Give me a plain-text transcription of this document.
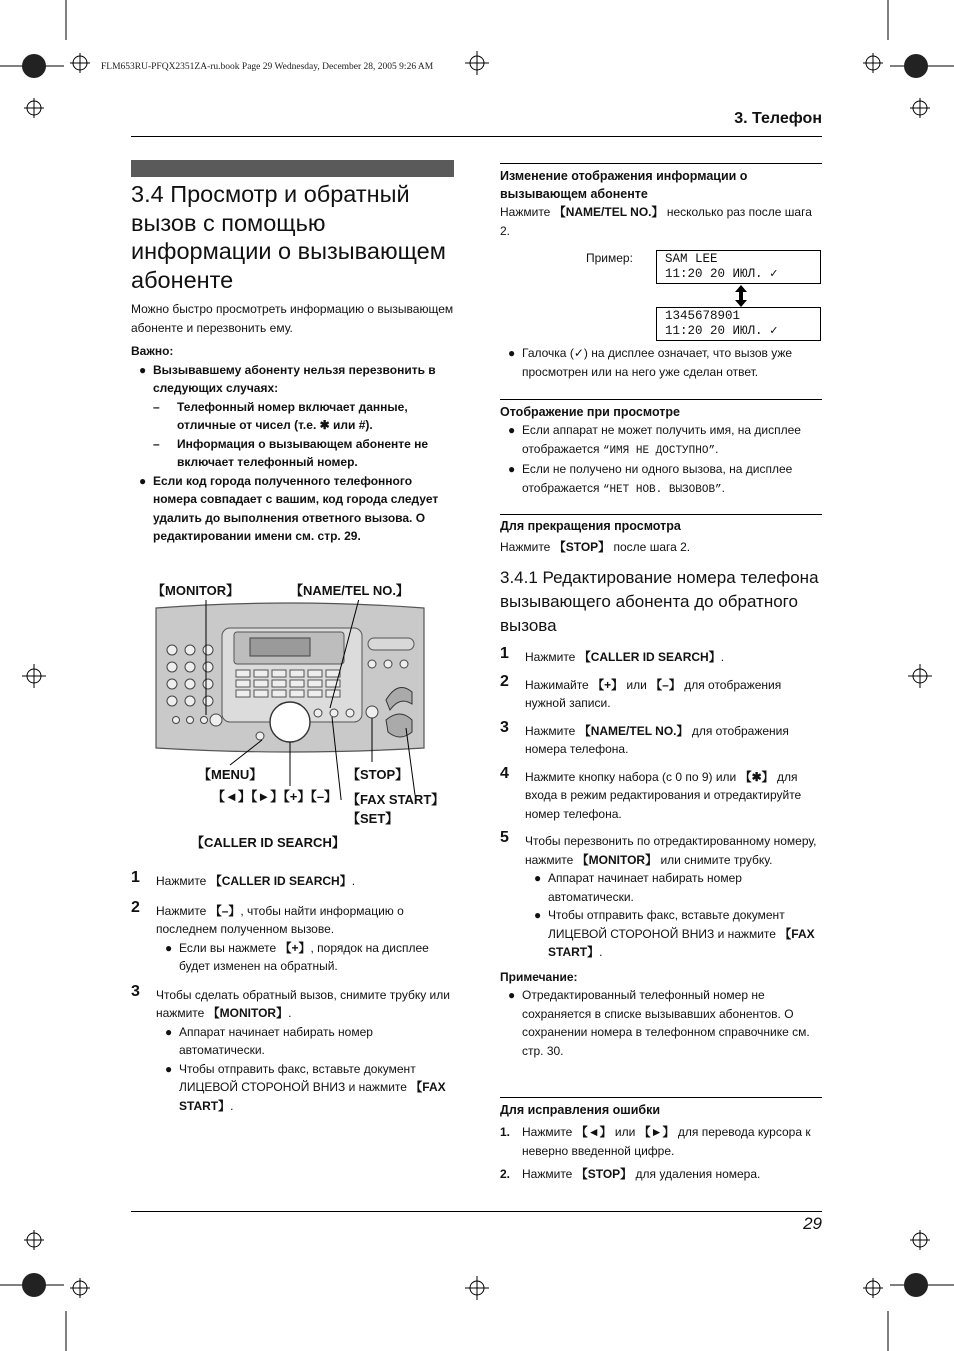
FLM653RU-PFQX2351ZA-ru.book Page 29 Wednesday, December 28, 2005 9:26 AM
3. Телефон
3.4 Просмотр и обратный вызов с помощью информации о вызывающем абоненте

Можно быстро просмотреть информацию о вызывающем абоненте и перезвонить ему.

Важно:

● Вызывавшему абоненту нельзя перезвонить в следующих случаях:

– Телефонный номер включает данные, отличные от чисел (т.е. ✱ или #).

– Информация о вызывающем абоненте не включает телефонный номер.

● Если код города полученного телефонного номера совпадает с вашим, код города следует удалить до выполнения ответного вызова. О редактировании имени см. стр. 29.

【MONITOR】	【NAME/TEL NO.】
【MENU】
【◄】【►】【+】【–】
【STOP】
【FAX START】
【SET】
【CALLER ID SEARCH】
1 Нажмите 【CALLER ID SEARCH】.
2 Нажмите 【–】, чтобы найти информацию о последнем полученном вызове.
● Если вы нажмете 【+】, порядок на дисплее будет изменен на обратный.
3 Чтобы сделать обратный вызов, снимите трубку или нажмите 【MONITOR】.
● Аппарат начинает набирать номер автоматически.
● Чтобы отправить факс, вставьте документ ЛИЦЕВОЙ СТОРОНОЙ ВНИЗ и нажмите 【FAX START】.
Изменение отображения информации о вызывающем абоненте

Нажмите 【NAME/TEL NO.】 несколько раз после шага 2.

Пример:	SAM LEE
11:20 20 ИЮЛ. ✓
1345678901
11:20 20 ИЮЛ. ✓

● Галочка (✓) на дисплее означает, что вызов уже просмотрен или на него уже сделан ответ.

Отображение при просмотре

● Если аппарат не может получить имя, на дисплее отображается “ИМЯ НЕ ДОСТУПНО”.

● Если не получено ни одного вызова, на дисплее отображается “НЕТ НОВ. ВЫЗОВОВ”.

Для прекращения просмотра

Нажмите 【STOP】 после шага 2.

3.4.1 Редактирование номера телефона вызывающего абонента до обратного вызова
1 Нажмите 【CALLER ID SEARCH】.
2 Нажимайте 【+】 или 【–】 для отображения нужной записи.
3 Нажмите 【NAME/TEL NO.】 для отображения номера телефона.
4 Нажмите кнопку набора (с 0 по 9) или 【✱】 для входа в режим редактирования и отредактируйте номер телефона.
5 Чтобы перезвонить по отредактированному номеру, нажмите 【MONITOR】 или снимите трубку.
● Аппарат начинает набирать номер автоматически.
● Чтобы отправить факс, вставьте документ ЛИЦЕВОЙ СТОРОНОЙ ВНИЗ и нажмите 【FAX START】.

Примечание:

● Отредактированный телефонный номер не сохраняется в списке вызывавших абонентов. О сохранении номера в телефонном справочнике см. стр. 30.

Для исправления ошибки

1. Нажмите 【◄】 или 【►】 для перевода курсора к неверно введенной цифре.

2. Нажмите 【STOP】 для удаления номера.

29
